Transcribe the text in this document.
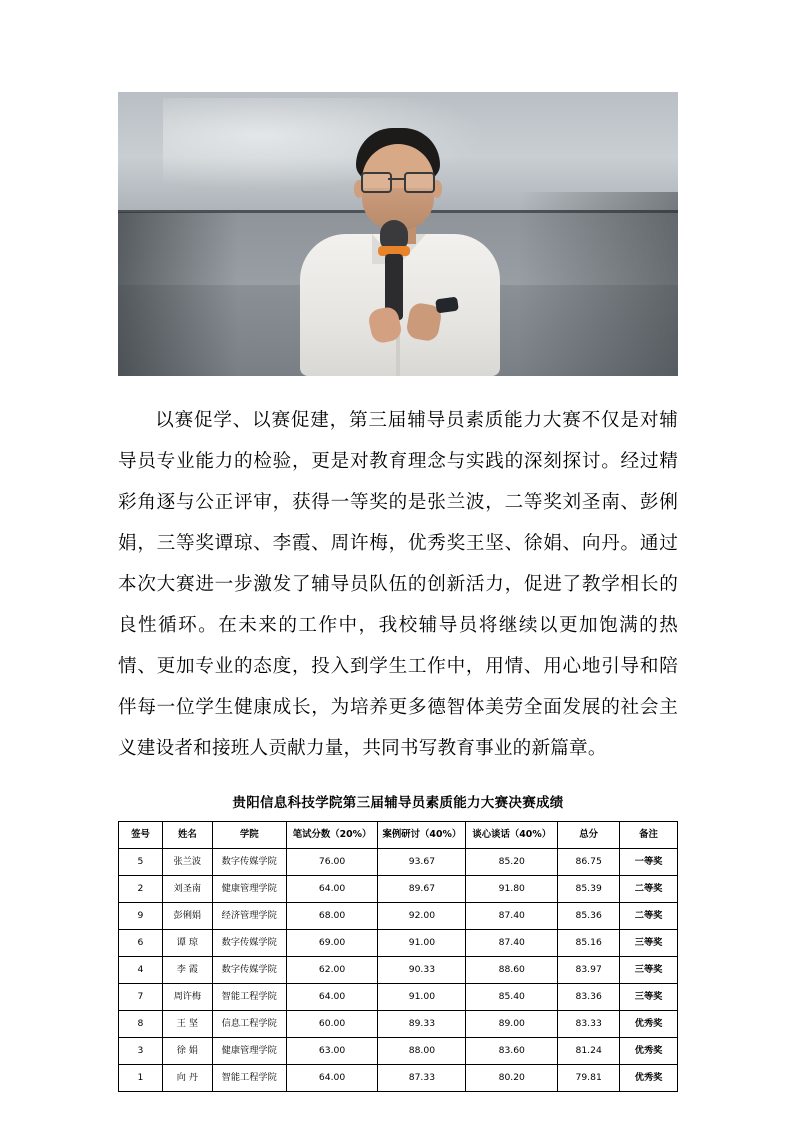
以赛促学、以赛促建，第三届辅导员素质能力大赛不仅是对辅导员专业能力的检验，更是对教育理念与实践的深刻探讨。经过精彩角逐与公正评审，获得一等奖的是张兰波，二等奖刘圣南、彭俐娟，三等奖谭琼、李霞、周许梅，优秀奖王坚、徐娟、向丹。通过本次大赛进一步激发了辅导员队伍的创新活力，促进了教学相长的良性循环。在未来的工作中，我校辅导员将继续以更加饱满的热情、更加专业的态度，投入到学生工作中，用情、用心地引导和陪伴每一位学生健康成长，为培养更多德智体美劳全面发展的社会主义建设者和接班人贡献力量，共同书写教育事业的新篇章。

贵阳信息科技学院第三届辅导员素质能力大赛决赛成绩
签号	姓名	学院	笔试分数（20%）	案例研讨（40%）	谈心谈话（40%）	总分	备注
5	张兰波	数字传媒学院	76.00	93.67	85.20	86.75	一等奖
2	刘圣南	健康管理学院	64.00	89.67	91.80	85.39	二等奖
9	彭俐娟	经济管理学院	68.00	92.00	87.40	85.36	二等奖
6	谭 琼	数字传媒学院	69.00	91.00	87.40	85.16	三等奖
4	李 霞	数字传媒学院	62.00	90.33	88.60	83.97	三等奖
7	周许梅	智能工程学院	64.00	91.00	85.40	83.36	三等奖
8	王 坚	信息工程学院	60.00	89.33	89.00	83.33	优秀奖
3	徐 娟	健康管理学院	63.00	88.00	83.60	81.24	优秀奖
1	向 丹	智能工程学院	64.00	87.33	80.20	79.81	优秀奖
